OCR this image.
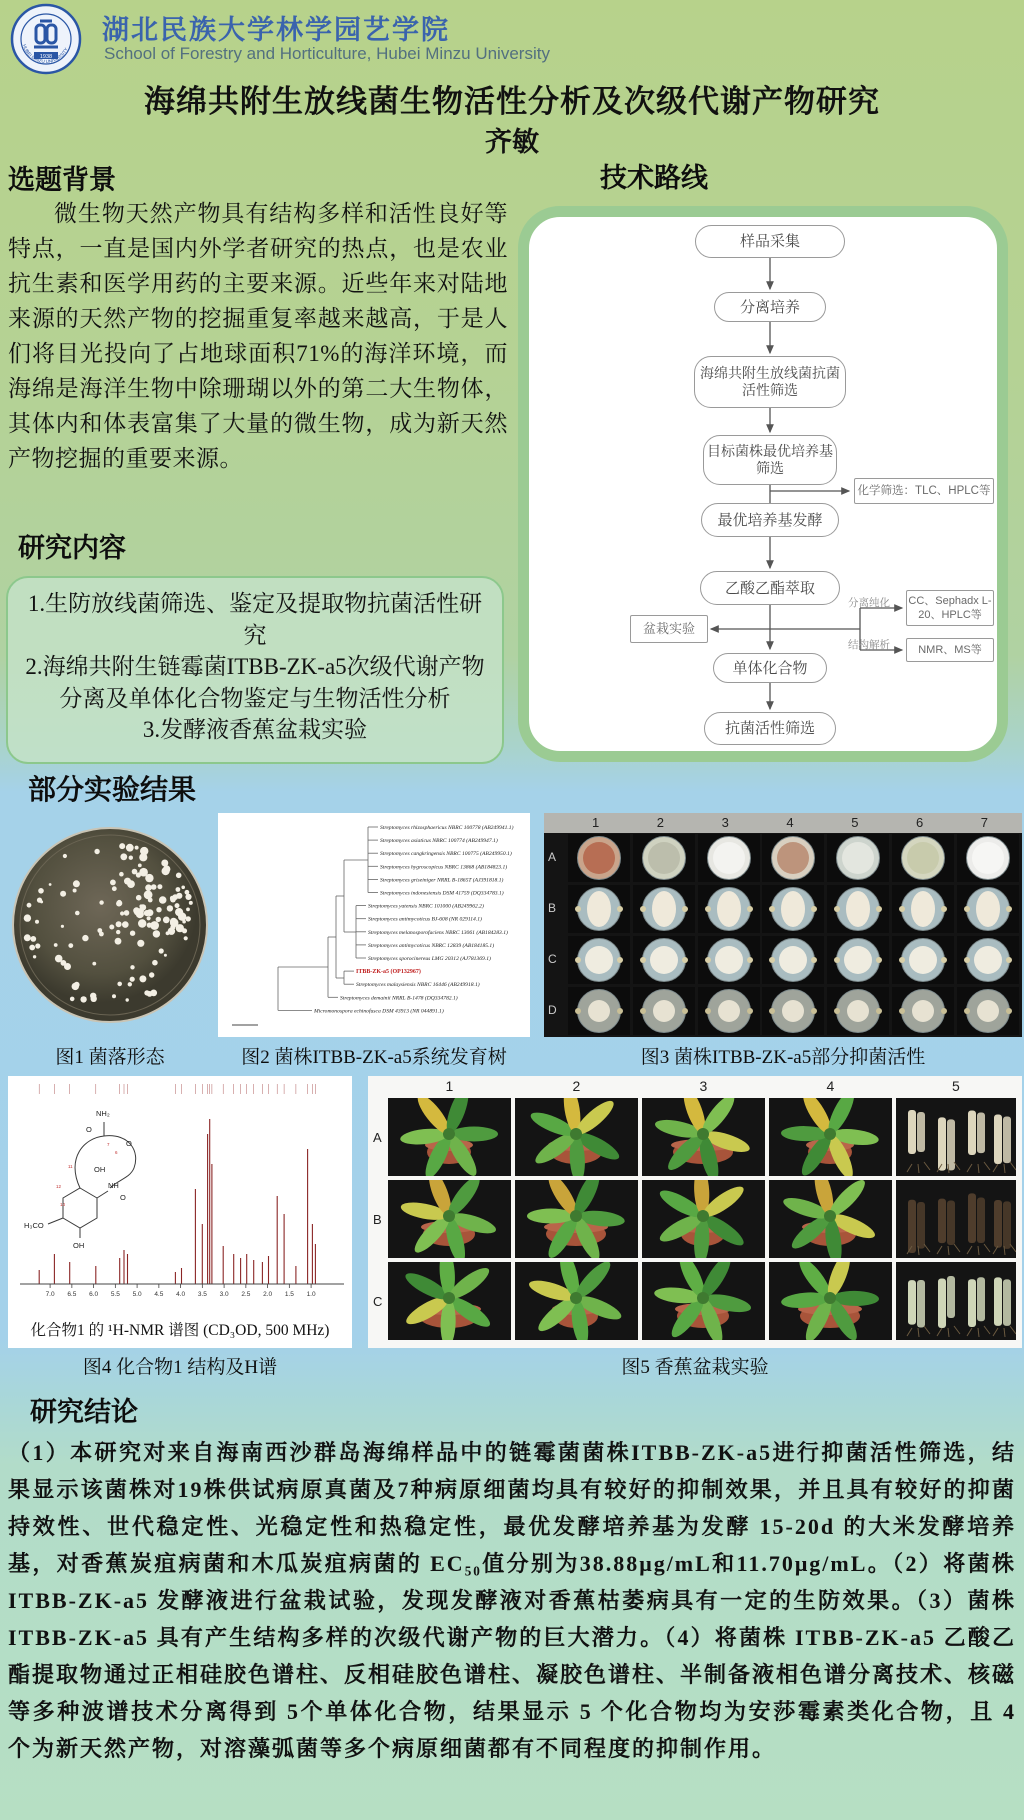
1938
HUBEI MINZU UNIVERSITY
湖北民族大学林学园艺学院
School of Forestry and Horticulture, Hubei Minzu University
海绵共附生放线菌生物活性分析及次级代谢产物研究
齐敏
选题背景
微生物天然产物具有结构多样和活性良好等特点，一直是国内外学者研究的热点，也是农业抗生素和医学用药的主要来源。近些年来对陆地来源的天然产物的挖掘重复率越来越高，于是人们将目光投向了占地球面积71%的海洋环境，而海绵是海洋生物中除珊瑚以外的第二大生物体，其体内和体表富集了大量的微生物，成为新天然产物挖掘的重要来源。
研究内容
1.生防放线菌筛选、鉴定及提取物抗菌活性研究
2.海绵共附生链霉菌ITBB-ZK-a5次级代谢产物分离及单体化合物鉴定与生物活性分析
3.发酵液香蕉盆栽实验
技术路线
样品采集
分离培养
海绵共附生放线菌抗菌活性筛选
目标菌株最优培养基筛选
化学筛选：TLC、HPLC等
最优培养基发酵
乙酸乙酯萃取
盆栽实验
分离纯化 CC、Sephadx L-20、HPLC等
结构解析	NMR、MS等
单体化合物
抗菌活性筛选
部分实验结果
Streptomyces rhizosphaericus NBRC 100778 (AB249941.1)
Streptomyces asiaticus NBRC 100774 (AB249947.1)
Streptomyces cangkringensis NBRC 100775 (AB249950.1)
Streptomyces hygroscopicus NBRC 13868 (AB184823.1)
Streptomyces griseiniger NRRL B-1865T (AJ391818.1)
Streptomyces indonesiensis DSM 41759 (DQ334783.1)
Streptomyces yatensis NBRC 101000 (AB249962.2)
Streptomyces antimycoticus BJ-608 (NR 029114.1)
Streptomyces melanosporofaciens NBRC 13061 (AB184283.1)
Streptomyces antimycoticus NBRC 12839 (AB184185.1)
Streptomyces sporocinereus LMG 20312 (AJ781369.1)
ITBB-ZK-a5 (OP132967)
Streptomyces malaysiensis NBRC 16446 (AB249918.1)
Streptomyces demainii NRRL B-1478 (DQ334782.1)
Micromonospora echinofusca DSM 43913 (NR 044891.1)
1	2	3	4	5	6	7
A
B
C
D
图1 菌落形态	图2 菌株ITBB-ZK-a5系统发育树	图3 菌株ITBB-ZK-a5部分抑菌活性
NH₂
O
O
OH
H₃CO
OH
NH
O
7
6
11
12
14
7.0 6.5 6.0 5.5 5.0 4.5 4.0 3.5 3.0 2.5 2.0 1.5 1.0
化合物1 的 ¹H-NMR 谱图 (CD₃OD, 500 MHz)
1	2	3	4	5
A
B
C
图4 化合物1 结构及H谱	图5 香蕉盆栽实验
研究结论
（1）本研究对来自海南西沙群岛海绵样品中的链霉菌菌株ITBB-ZK-a5进行抑菌活性筛选，结果显示该菌株对19株供试病原真菌及7种病原细菌均具有较好的抑制效果，并且具有较好的抑菌持效性、世代稳定性、光稳定性和热稳定性，最优发酵培养基为发酵 15-20d 的大米发酵培养基，对香蕉炭疽病菌和木瓜炭疽病菌的 EC₅₀值分别为38.88μg/mL和11.70μg/mL。（2）将菌株ITBB-ZK-a5 发酵液进行盆栽试验，发现发酵液对香蕉枯萎病具有一定的生防效果。（3）菌株 ITBB-ZK-a5 具有产生结构多样的次级代谢产物的巨大潜力。（4）将菌株 ITBB-ZK-a5 乙酸乙酯提取物通过正相硅胶色谱柱、反相硅胶色谱柱、凝胶色谱柱、半制备液相色谱分离技术、核磁等多种波谱技术分离得到 5个单体化合物，结果显示 5 个化合物均为安莎霉素类化合物，且 4 个为新天然产物，对溶藻弧菌等多个病原细菌都有不同程度的抑制作用。
